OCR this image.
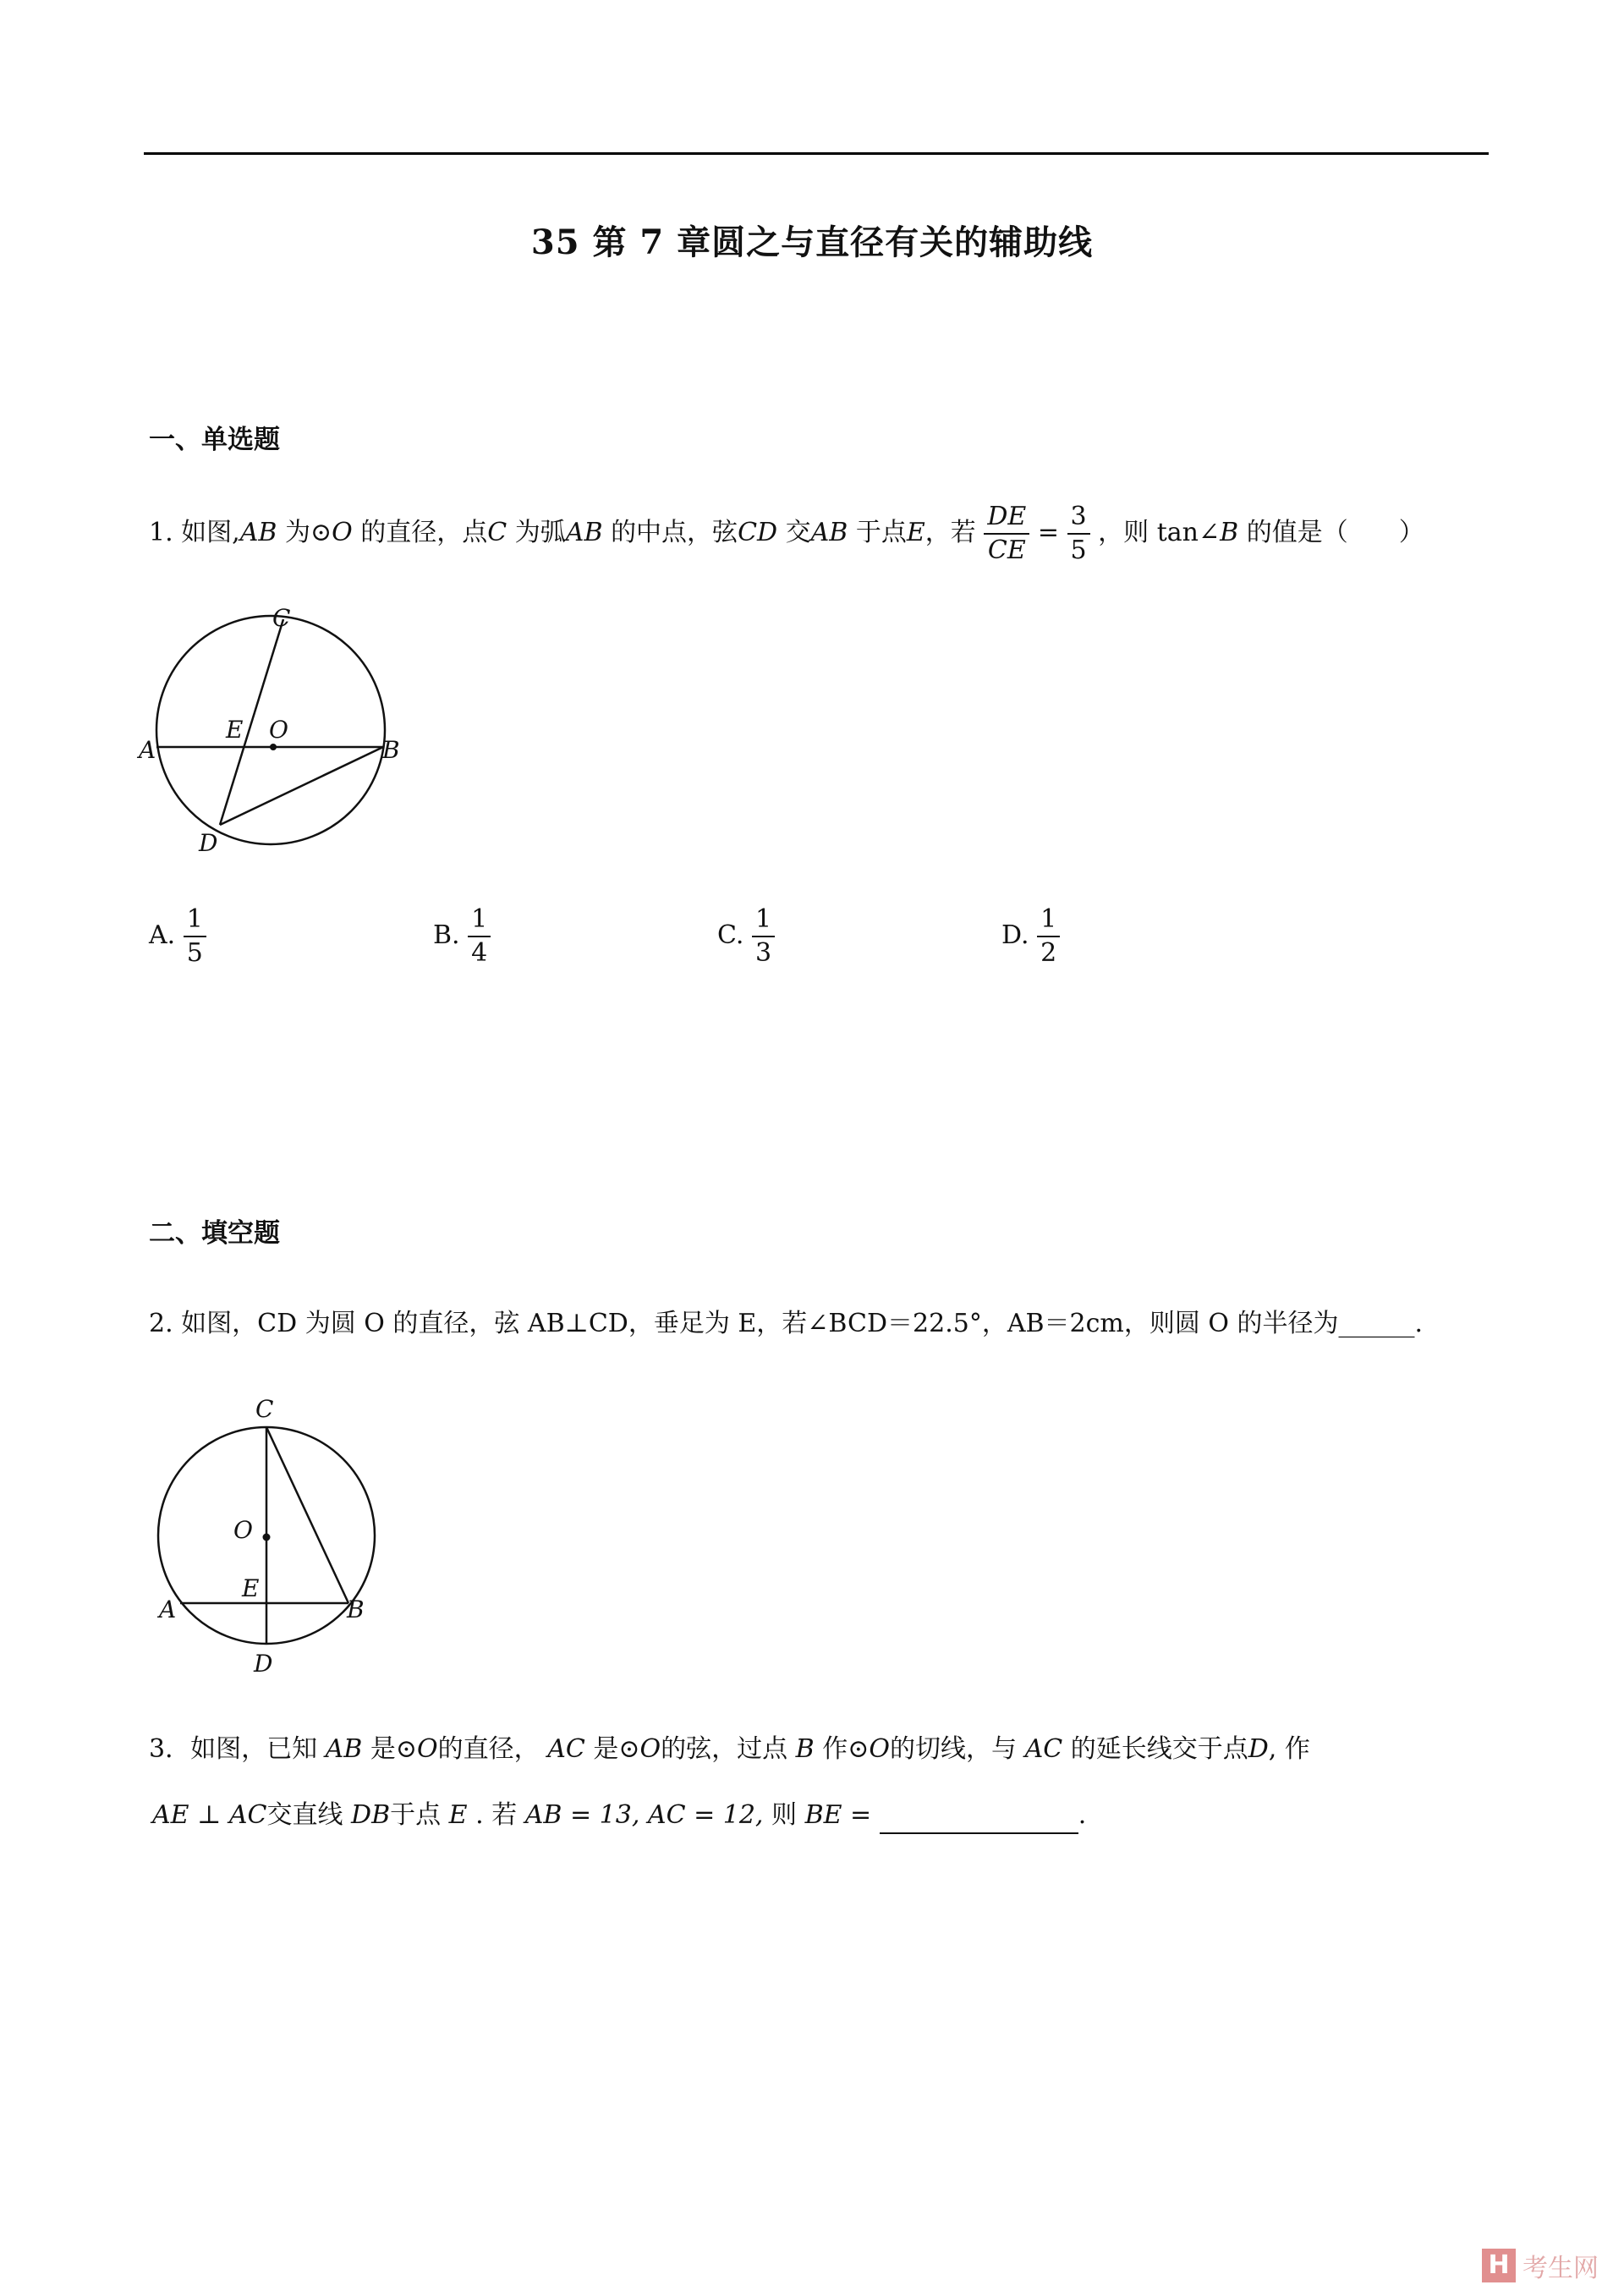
35 第 7 章圆之与直径有关的辅助线
一、单选题
1. 如图,AB 为⊙O 的直径，点C 为弧AB 的中点，弦CD 交AB 于点E，若 $\frac{DE}{CE} = \frac{3}{5}$ ，则 tan∠B 的值是（　　）
A	B
C
D
E O
A. $\frac{1}{5}$	B. $\frac{1}{4}$	C. $\frac{1}{3}$	D. $\frac{1}{2}$
二、填空题
2. 如图，CD 为圆 O 的直径，弦 AB⊥CD，垂足为 E，若∠BCD＝22.5°，AB＝2cm，则圆 O 的半径为______.
C
O
E
A	B
D
3．如图，已知 AB 是⊙O的直径， AC 是⊙O的弦，过点 B 作⊙O的切线，与 AC 的延长线交于点D, 作
AE ⊥ AC交直线 DB于点 E . 若 AB = 13, AC = 12, 则 BE =	.
H 考生网
